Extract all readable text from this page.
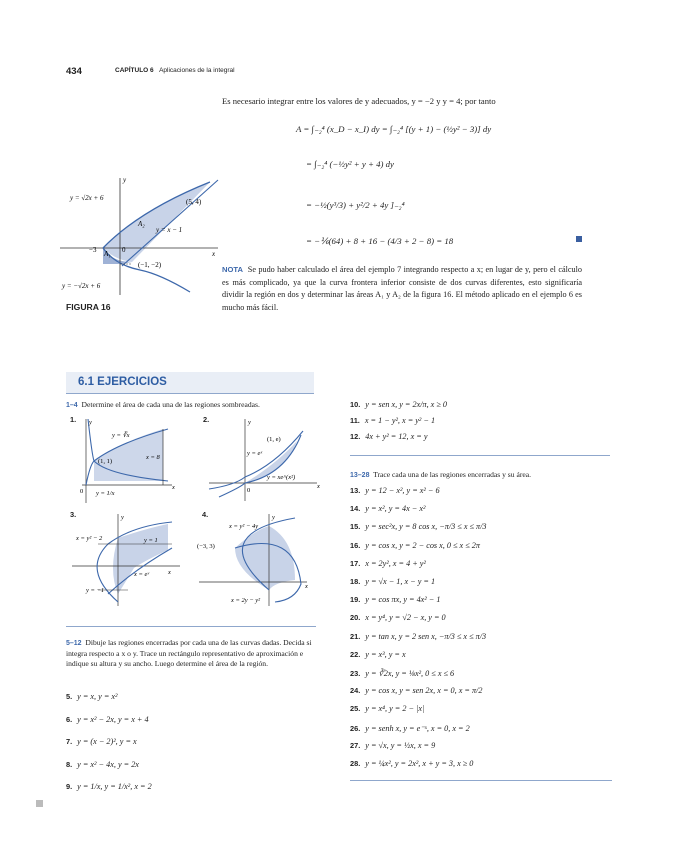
434	CAPÍTULO 6 Aplicaciones de la integral
Es necesario integrar entre los valores de y adecuados, y = −2 y y = 4; por tanto
A = ∫₋₂⁴ (x_D − x_I) dy = ∫₋₂⁴ [(y + 1) − (½y² − 3)] dy
= ∫₋₂⁴ (−½y² + y + 4) dy
= −½(y³/3) + y²/2 + 4y ]₋₂⁴
= −⅙(64) + 8 + 16 − (4/3 + 2 − 8) = 18
NOTA Se pudo haber calculado el área del ejemplo 7 integrando respecto a x; en lugar de y, pero el cálculo es más complicado, ya que la curva frontera inferior consiste de dos curvas diferentes, esto significaría dividir la región en dos y determinar las áreas A₁ y A₂ de la figura 16. El método aplicado en el ejemplo 6 es mucho más fácil.
y = √2x + 6
y = −√2x + 6
y = x − 1
(5, 4)
(−1, −2)
A₁
A₂
−3	0	x
y
FIGURA 16
6.1 EJERCICIOS
1–4 Determine el área de cada una de las regiones sombreadas.
y = ∛x
(1, 1)
x = 8
y = 1/x
0
x
y
1.
(1, e)
y = eˣ
y = xe^(x²)
0
x
y
2.
x = y² − 2	y = 1
x = eʸ
y = −1
x
y
3.
x = y² − 4y
(−3, 3)
x = 2y − y²
x
y
4.
5–12 Dibuje las regiones encerradas por cada una de las curvas dadas. Decida si integra respecto a x o y. Trace un rectángulo representativo de aproximación e indique su altura y su ancho. Luego determine el área de la región.
5. y = x, y = x²
6. y = x² − 2x, y = x + 4
7. y = (x − 2)², y = x
8. y = x² − 4x, y = 2x
9. y = 1/x, y = 1/x², x = 2
10. y = sen x, y = 2x/π, x ≥ 0
11. x = 1 − y², x = y² − 1
12. 4x + y² = 12, x = y
13–28 Trace cada una de las regiones encerradas y su área.
13. y = 12 − x², y = x² − 6
14. y = x², y = 4x − x²
15. y = sec²x, y = 8 cos x, −π/3 ≤ x ≤ π/3
16. y = cos x, y = 2 − cos x, 0 ≤ x ≤ 2π
17. x = 2y², x = 4 + y²
18. y = √x − 1, x − y = 1
19. y = cos πx, y = 4x² − 1
20. x = y⁴, y = √2 − x, y = 0
21. y = tan x, y = 2 sen x, −π/3 ≤ x ≤ π/3
22. y = x³, y = x
23. y = ∛2x, y = ⅛x², 0 ≤ x ≤ 6
24. y = cos x, y = sen 2x, x = 0, x = π/2
25. y = x⁴, y = 2 − |x|
26. y = senh x, y = e⁻ˣ, x = 0, x = 2
27. y = √x, y = ½x, x = 9
28. y = ¼x², y = 2x², x + y = 3, x ≥ 0
